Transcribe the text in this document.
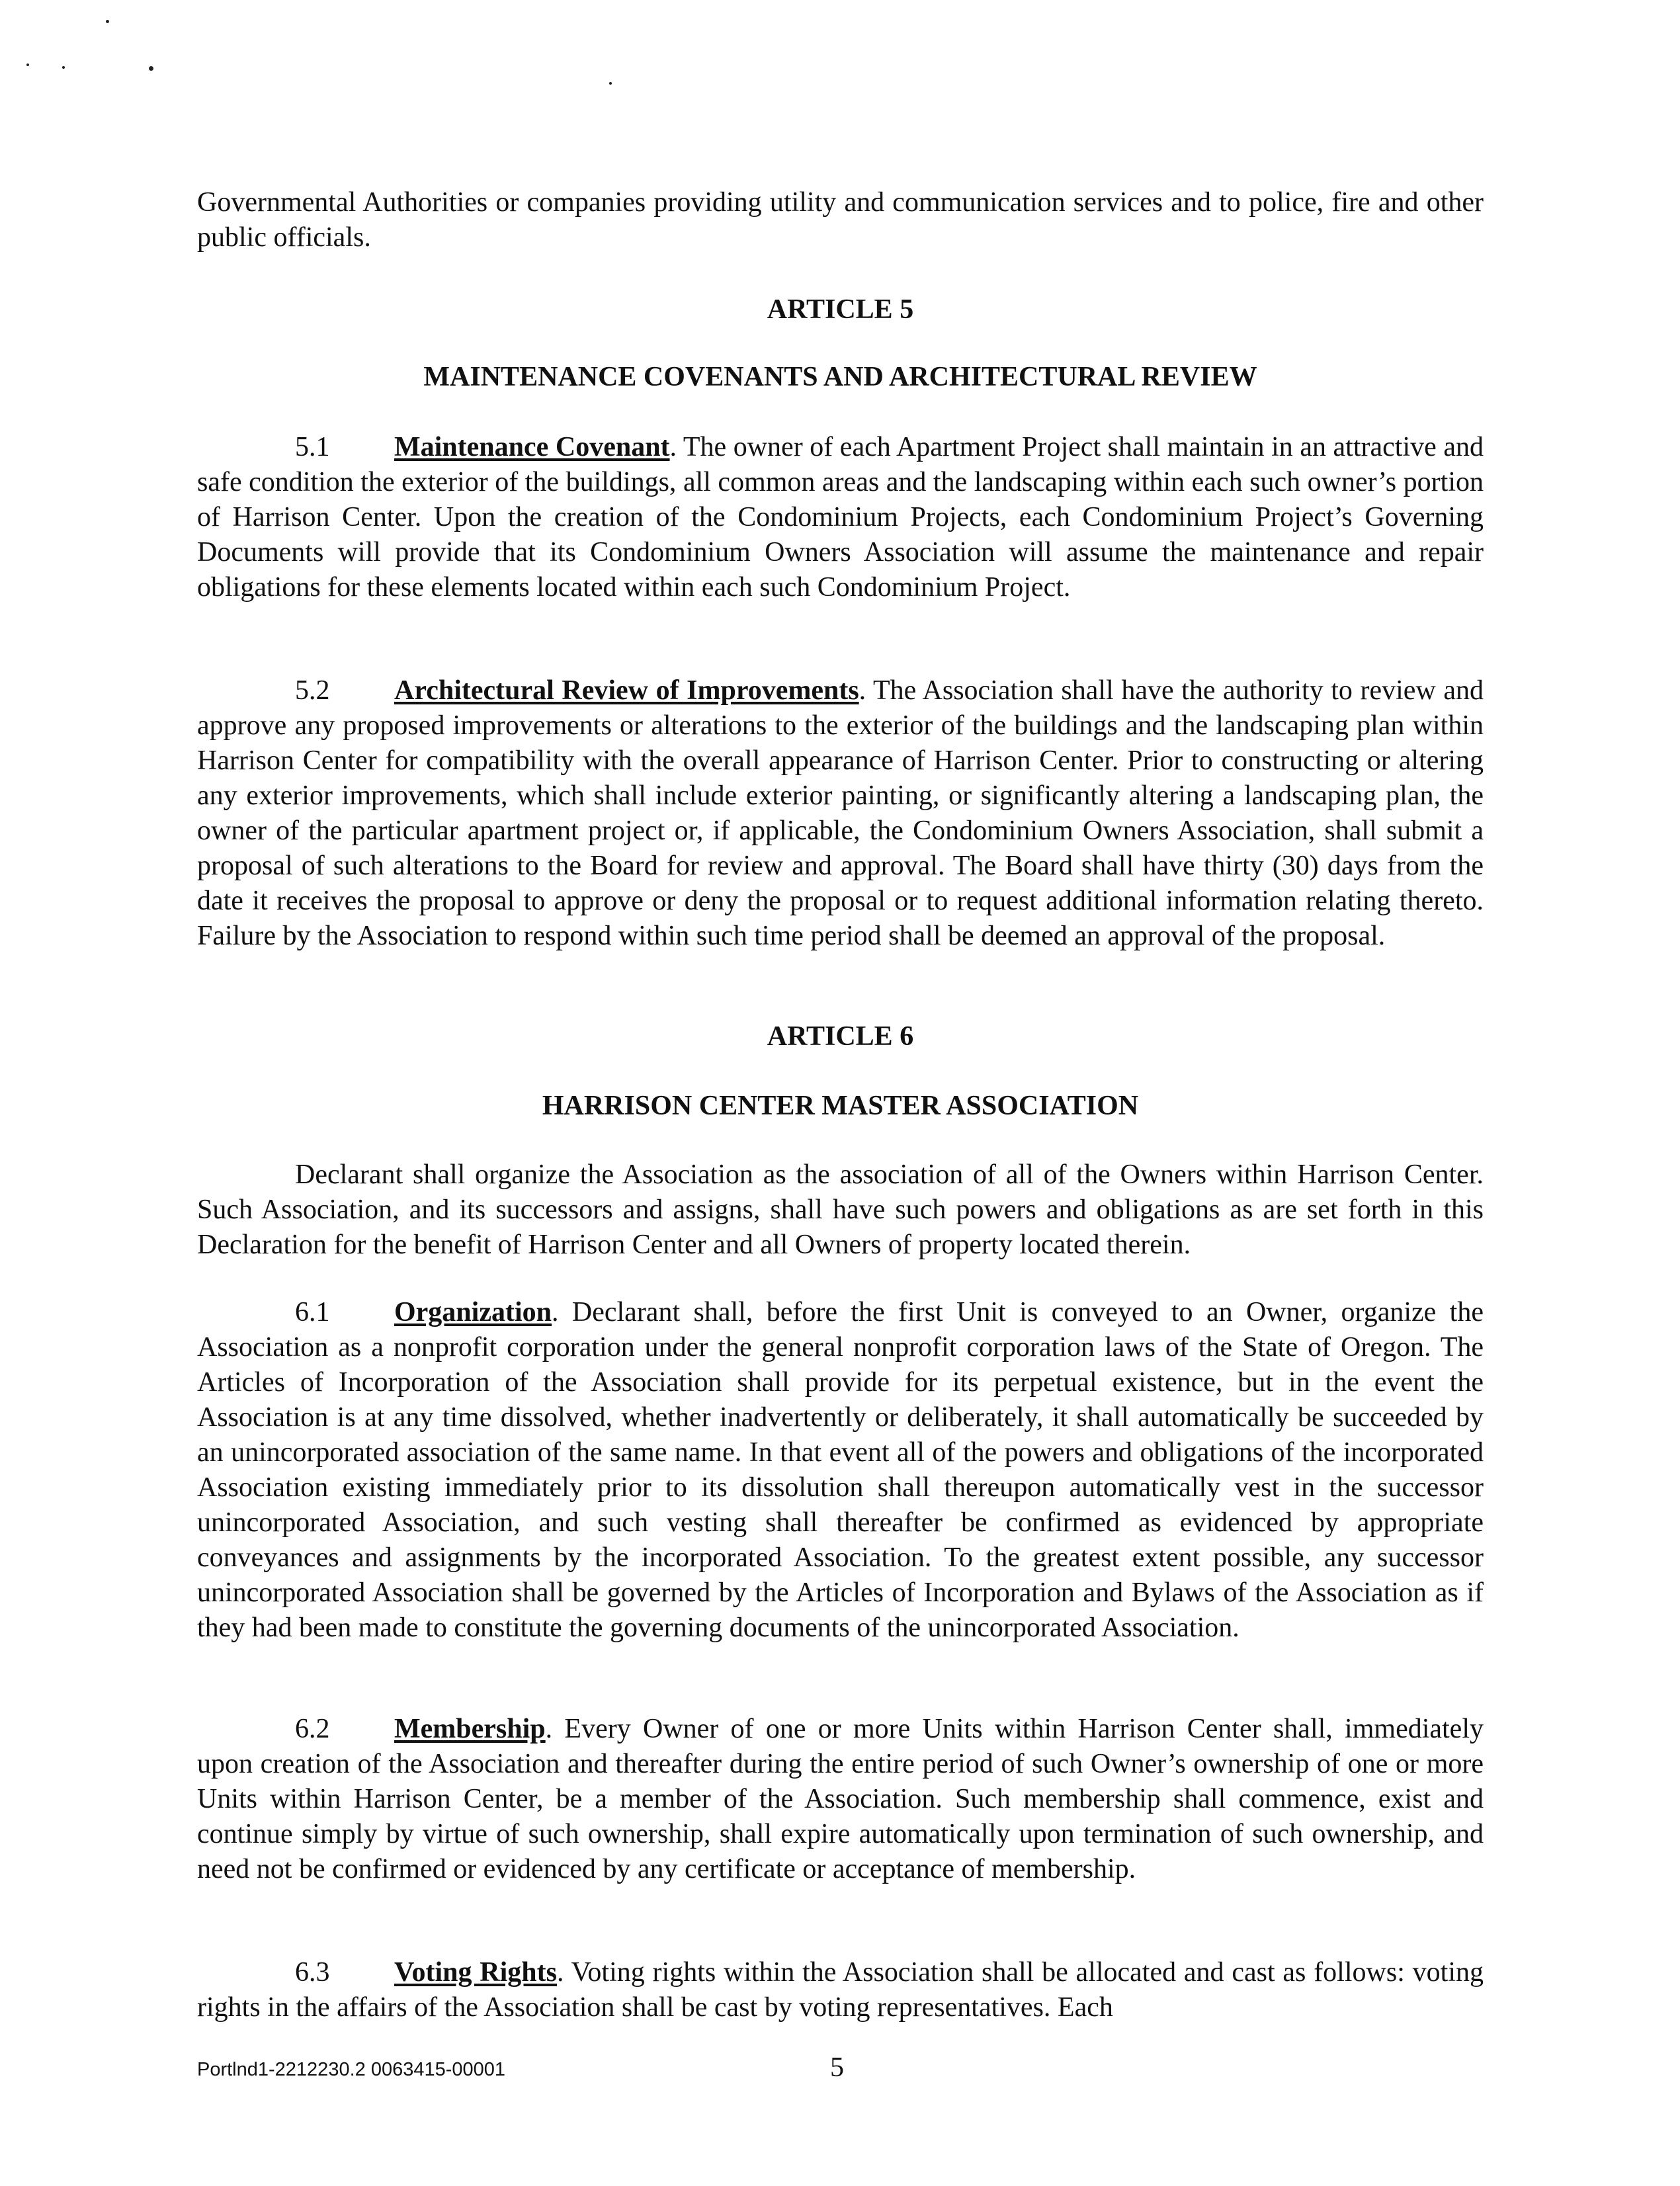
Governmental Authorities or companies providing utility and communication services and to police, fire and other public officials.
ARTICLE 5
MAINTENANCE COVENANTS AND ARCHITECTURAL REVIEW
5.1 Maintenance Covenant. The owner of each Apartment Project shall maintain in an attractive and safe condition the exterior of the buildings, all common areas and the landscaping within each such owner’s portion of Harrison Center. Upon the creation of the Condominium Projects, each Condominium Project’s Governing Documents will provide that its Condominium Owners Association will assume the maintenance and repair obligations for these elements located within each such Condominium Project.
5.2 Architectural Review of Improvements. The Association shall have the authority to review and approve any proposed improvements or alterations to the exterior of the buildings and the landscaping plan within Harrison Center for compatibility with the overall appearance of Harrison Center. Prior to constructing or altering any exterior improvements, which shall include exterior painting, or significantly altering a landscaping plan, the owner of the particular apartment project or, if applicable, the Condominium Owners Association, shall submit a proposal of such alterations to the Board for review and approval. The Board shall have thirty (30) days from the date it receives the proposal to approve or deny the proposal or to request additional information relating thereto. Failure by the Association to respond within such time period shall be deemed an approval of the proposal.
ARTICLE 6
HARRISON CENTER MASTER ASSOCIATION
Declarant shall organize the Association as the association of all of the Owners within Harrison Center. Such Association, and its successors and assigns, shall have such powers and obligations as are set forth in this Declaration for the benefit of Harrison Center and all Owners of property located therein.
6.1 Organization. Declarant shall, before the first Unit is conveyed to an Owner, organize the Association as a nonprofit corporation under the general nonprofit corporation laws of the State of Oregon. The Articles of Incorporation of the Association shall provide for its perpetual existence, but in the event the Association is at any time dissolved, whether inadvertently or deliberately, it shall automatically be succeeded by an unincorporated association of the same name. In that event all of the powers and obligations of the incorporated Association existing immediately prior to its dissolution shall thereupon automatically vest in the successor unincorporated Association, and such vesting shall thereafter be confirmed as evidenced by appropriate conveyances and assignments by the incorporated Association. To the greatest extent possible, any successor unincorporated Association shall be governed by the Articles of Incorporation and Bylaws of the Association as if they had been made to constitute the governing documents of the unincorporated Association.
6.2 Membership. Every Owner of one or more Units within Harrison Center shall, immediately upon creation of the Association and thereafter during the entire period of such Owner’s ownership of one or more Units within Harrison Center, be a member of the Association. Such membership shall commence, exist and continue simply by virtue of such ownership, shall expire automatically upon termination of such ownership, and need not be confirmed or evidenced by any certificate or acceptance of membership.
6.3 Voting Rights. Voting rights within the Association shall be allocated and cast as follows: voting rights in the affairs of the Association shall be cast by voting representatives. Each
Portlnd1-2212230.2 0063415-00001	5
